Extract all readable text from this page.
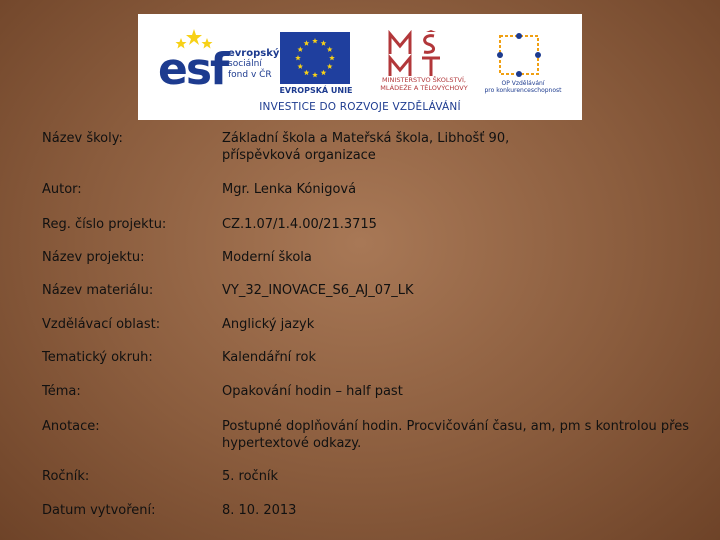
esf evropský
sociální
fond v ČR
EVROPSKÁ UNIE
MINISTERSTVO ŠKOLSTVÍ,
MLÁDEŽE A TĚLOVÝCHOVY
OP Vzdělávání
pro konkurenceschopnost
INVESTICE DO ROZVOJE VZDĚLÁVÁNÍ
Název školy:	Základní škola a Mateřská škola, Libhošť 90,
příspěvková organizace
Autor:	Mgr. Lenka Kónigová
Reg. číslo projektu:	CZ.1.07/1.4.00/21.3715
Název projektu:	Moderní škola
Název materiálu:	VY_32_INOVACE_S6_AJ_07_LK
Vzdělávací oblast:	Anglický jazyk
Tematický okruh:	Kalendářní rok
Téma:	Opakování hodin – half past
Anotace:	Postupné doplňování hodin. Procvičování času, am, pm s kontrolou přes
hypertextové odkazy.
Ročník:	5. ročník
Datum vytvoření:	8. 10. 2013
